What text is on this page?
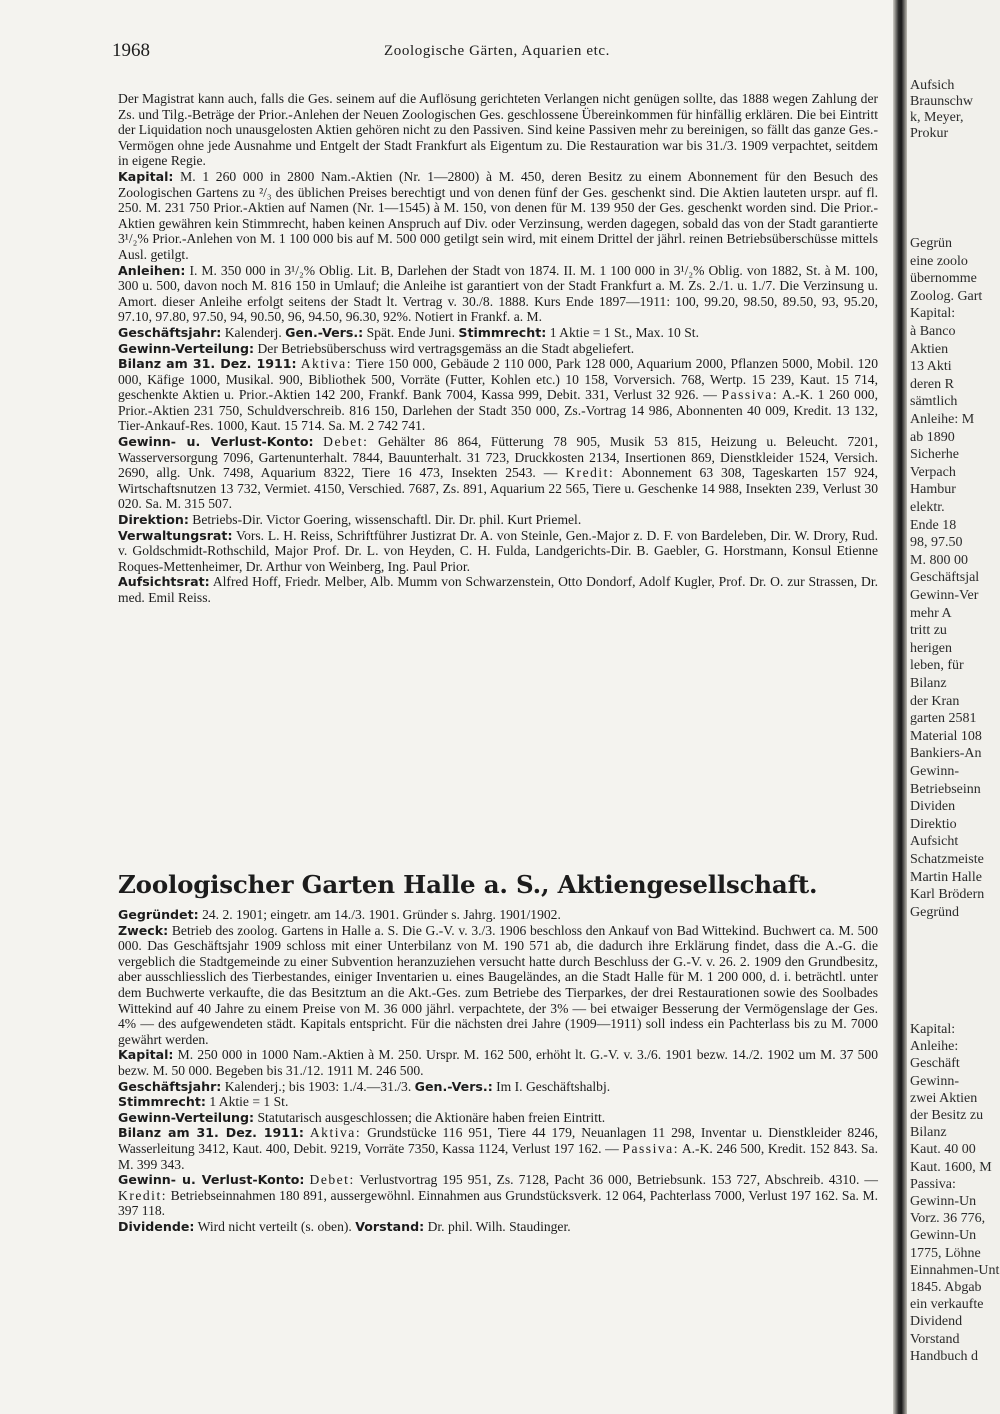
1968	Zoologische Gärten, Aquarien etc.

Der Magistrat kann auch, falls die Ges. seinem auf die Auflösung gerichteten Verlangen nicht genügen sollte, das 1888 wegen Zahlung der Zs. und Tilg.-Beträge der Prior.-Anlehen der Neuen Zoologischen Ges. geschlossene Übereinkommen für hinfällig erklären. Die bei Eintritt der Liquidation noch unausgelosten Aktien gehören nicht zu den Passiven. Sind keine Passiven mehr zu bereinigen, so fällt das ganze Ges.-Vermögen ohne jede Ausnahme und Entgelt der Stadt Frankfurt als Eigentum zu. Die Restauration war bis 31./3. 1909 verpachtet, seitdem in eigene Regie.

Kapital: M. 1 260 000 in 2800 Nam.-Aktien (Nr. 1—2800) à M. 450, deren Besitz zu einem Abonnement für den Besuch des Zoologischen Gartens zu ²/₃ des üblichen Preises berechtigt und von denen fünf der Ges. geschenkt sind. Die Aktien lauteten urspr. auf fl. 250. M. 231 750 Prior.-Aktien auf Namen (Nr. 1—1545) à M. 150, von denen für M. 139 950 der Ges. geschenkt worden sind. Die Prior.-Aktien gewähren kein Stimmrecht, haben keinen Anspruch auf Div. oder Verzinsung, werden dagegen, sobald das von der Stadt garantierte 3¹/₂% Prior.-Anlehen von M. 1 100 000 bis auf M. 500 000 getilgt sein wird, mit einem Drittel der jährl. reinen Betriebsüberschüsse mittels Ausl. getilgt.

Anleihen: I. M. 350 000 in 3¹/₂% Oblig. Lit. B, Darlehen der Stadt von 1874. II. M. 1 100 000 in 3¹/₂% Oblig. von 1882, St. à M. 100, 300 u. 500, davon noch M. 816 150 in Umlauf; die Anleihe ist garantiert von der Stadt Frankfurt a. M. Zs. 2./1. u. 1./7. Die Verzinsung u. Amort. dieser Anleihe erfolgt seitens der Stadt lt. Vertrag v. 30./8. 1888. Kurs Ende 1897—1911: 100, 99.20, 98.50, 89.50, 93, 95.20, 97.10, 97.80, 97.50, 94, 90.50, 96, 94.50, 96.30, 92%. Notiert in Frankf. a. M.

Geschäftsjahr: Kalenderj. Gen.-Vers.: Spät. Ende Juni. Stimmrecht: 1 Aktie = 1 St., Max. 10 St.

Gewinn-Verteilung: Der Betriebsüberschuss wird vertragsgemäss an die Stadt abgeliefert.

Bilanz am 31. Dez. 1911: Aktiva: Tiere 150 000, Gebäude 2 110 000, Park 128 000, Aquarium 2000, Pflanzen 5000, Mobil. 120 000, Käfige 1000, Musikal. 900, Bibliothek 500, Vorräte (Futter, Kohlen etc.) 10 158, Vorversich. 768, Wertp. 15 239, Kaut. 15 714, geschenkte Aktien u. Prior.-Aktien 142 200, Frankf. Bank 7004, Kassa 999, Debit. 331, Verlust 32 926. — Passiva: A.-K. 1 260 000, Prior.-Aktien 231 750, Schuldverschreib. 816 150, Darlehen der Stadt 350 000, Zs.-Vortrag 14 986, Abonnenten 40 009, Kredit. 13 132, Tier-Ankauf-Res. 1000, Kaut. 15 714. Sa. M. 2 742 741.

Gewinn- u. Verlust-Konto: Debet: Gehälter 86 864, Fütterung 78 905, Musik 53 815, Heizung u. Beleucht. 7201, Wasserversorgung 7096, Gartenunterhalt. 7844, Bauunterhalt. 31 723, Druckkosten 2134, Insertionen 869, Dienstkleider 1524, Versich. 2690, allg. Unk. 7498, Aquarium 8322, Tiere 16 473, Insekten 2543. — Kredit: Abonnement 63 308, Tageskarten 157 924, Wirtschaftsnutzen 13 732, Vermiet. 4150, Verschied. 7687, Zs. 891, Aquarium 22 565, Tiere u. Geschenke 14 988, Insekten 239, Verlust 30 020. Sa. M. 315 507.

Direktion: Betriebs-Dir. Victor Goering, wissenschaftl. Dir. Dr. phil. Kurt Priemel.

Verwaltungsrat: Vors. L. H. Reiss, Schriftführer Justizrat Dr. A. von Steinle, Gen.-Major z. D. F. von Bardeleben, Dir. W. Drory, Rud. v. Goldschmidt-Rothschild, Major Prof. Dr. L. von Heyden, C. H. Fulda, Landgerichts-Dir. B. Gaebler, G. Horstmann, Konsul Etienne Roques-Mettenheimer, Dr. Arthur von Weinberg, Ing. Paul Prior.

Aufsichtsrat: Alfred Hoff, Friedr. Melber, Alb. Mumm von Schwarzenstein, Otto Dondorf, Adolf Kugler, Prof. Dr. O. zur Strassen, Dr. med. Emil Reiss.

Zoologischer Garten Halle a. S., Aktiengesellschaft.

Gegründet: 24. 2. 1901; eingetr. am 14./3. 1901. Gründer s. Jahrg. 1901/1902.

Zweck: Betrieb des zoolog. Gartens in Halle a. S. Die G.-V. v. 3./3. 1906 beschloss den Ankauf von Bad Wittekind. Buchwert ca. M. 500 000. Das Geschäftsjahr 1909 schloss mit einer Unterbilanz von M. 190 571 ab, die dadurch ihre Erklärung findet, dass die A.-G. die vergeblich die Stadtgemeinde zu einer Subvention heranzuziehen versucht hatte durch Beschluss der G.-V. v. 26. 2. 1909 den Grundbesitz, aber ausschliesslich des Tierbestandes, einiger Inventarien u. eines Baugeländes, an die Stadt Halle für M. 1 200 000, d. i. beträchtl. unter dem Buchwerte verkaufte, die das Besitztum an die Akt.-Ges. zum Betriebe des Tierparkes, der drei Restaurationen sowie des Soolbades Wittekind auf 40 Jahre zu einem Preise von M. 36 000 jährl. verpachtete, der 3% — bei etwaiger Besserung der Vermögenslage der Ges. 4% — des aufgewendeten städt. Kapitals entspricht. Für die nächsten drei Jahre (1909—1911) soll indess ein Pachterlass bis zu M. 7000 gewährt werden.

Kapital: M. 250 000 in 1000 Nam.-Aktien à M. 250. Urspr. M. 162 500, erhöht lt. G.-V. v. 3./6. 1901 bezw. 14./2. 1902 um M. 37 500 bezw. M. 50 000. Begeben bis 31./12. 1911 M. 246 500.

Geschäftsjahr: Kalenderj.; bis 1903: 1./4.—31./3. Gen.-Vers.: Im I. Geschäftshalbj.

Stimmrecht: 1 Aktie = 1 St.

Gewinn-Verteilung: Statutarisch ausgeschlossen; die Aktionäre haben freien Eintritt.

Bilanz am 31. Dez. 1911: Aktiva: Grundstücke 116 951, Tiere 44 179, Neuanlagen 11 298, Inventar u. Dienstkleider 8246, Wasserleitung 3412, Kaut. 400, Debit. 9219, Vorräte 7350, Kassa 1124, Verlust 197 162. — Passiva: A.-K. 246 500, Kredit. 152 843. Sa. M. 399 343.

Gewinn- u. Verlust-Konto: Debet: Verlustvortrag 195 951, Zs. 7128, Pacht 36 000, Betriebsunk. 153 727, Abschreib. 4310. — Kredit: Betriebseinnahmen 180 891, aussergewöhnl. Einnahmen aus Grundstücksverk. 12 064, Pachterlass 7000, Verlust 197 162. Sa. M. 397 118.

Dividende: Wird nicht verteilt (s. oben). Vorstand: Dr. phil. Wilh. Staudinger.

Aufsich
Braunschw
k, Meyer,
Prokur
Gegrün
eine zoolo
übernomme
Zoolog. Gart
Kapital:
à Banco
Aktien
13 Akti
deren R
sämtlich
Anleihe: M
ab 1890
Sicherhe
Verpach
Hambur
elektr.
Ende 18
98, 97.50
M. 800 00
Geschäftsjal
Gewinn-Ver
mehr A
tritt zu
herigen
leben, für
Bilanz
der Kran
garten 2581
Material 108
Bankiers-An
Gewinn-
Betriebseinn
Dividen
Direktio
Aufsicht
Schatzmeiste
Martin Halle
Karl Brödern
Gegründ
Kapital:
Anleihe:
Geschäft
Gewinn-
zwei Aktien
der Besitz zu
Bilanz
Kaut. 40 00
Kaut. 1600, M
Passiva:
Gewinn-Un
Vorz. 36 776,
Gewinn-Un
1775, Löhne
Einnahmen-Unt
1845. Abgab
ein verkaufte
Dividend
Vorstand
Handbuch d
